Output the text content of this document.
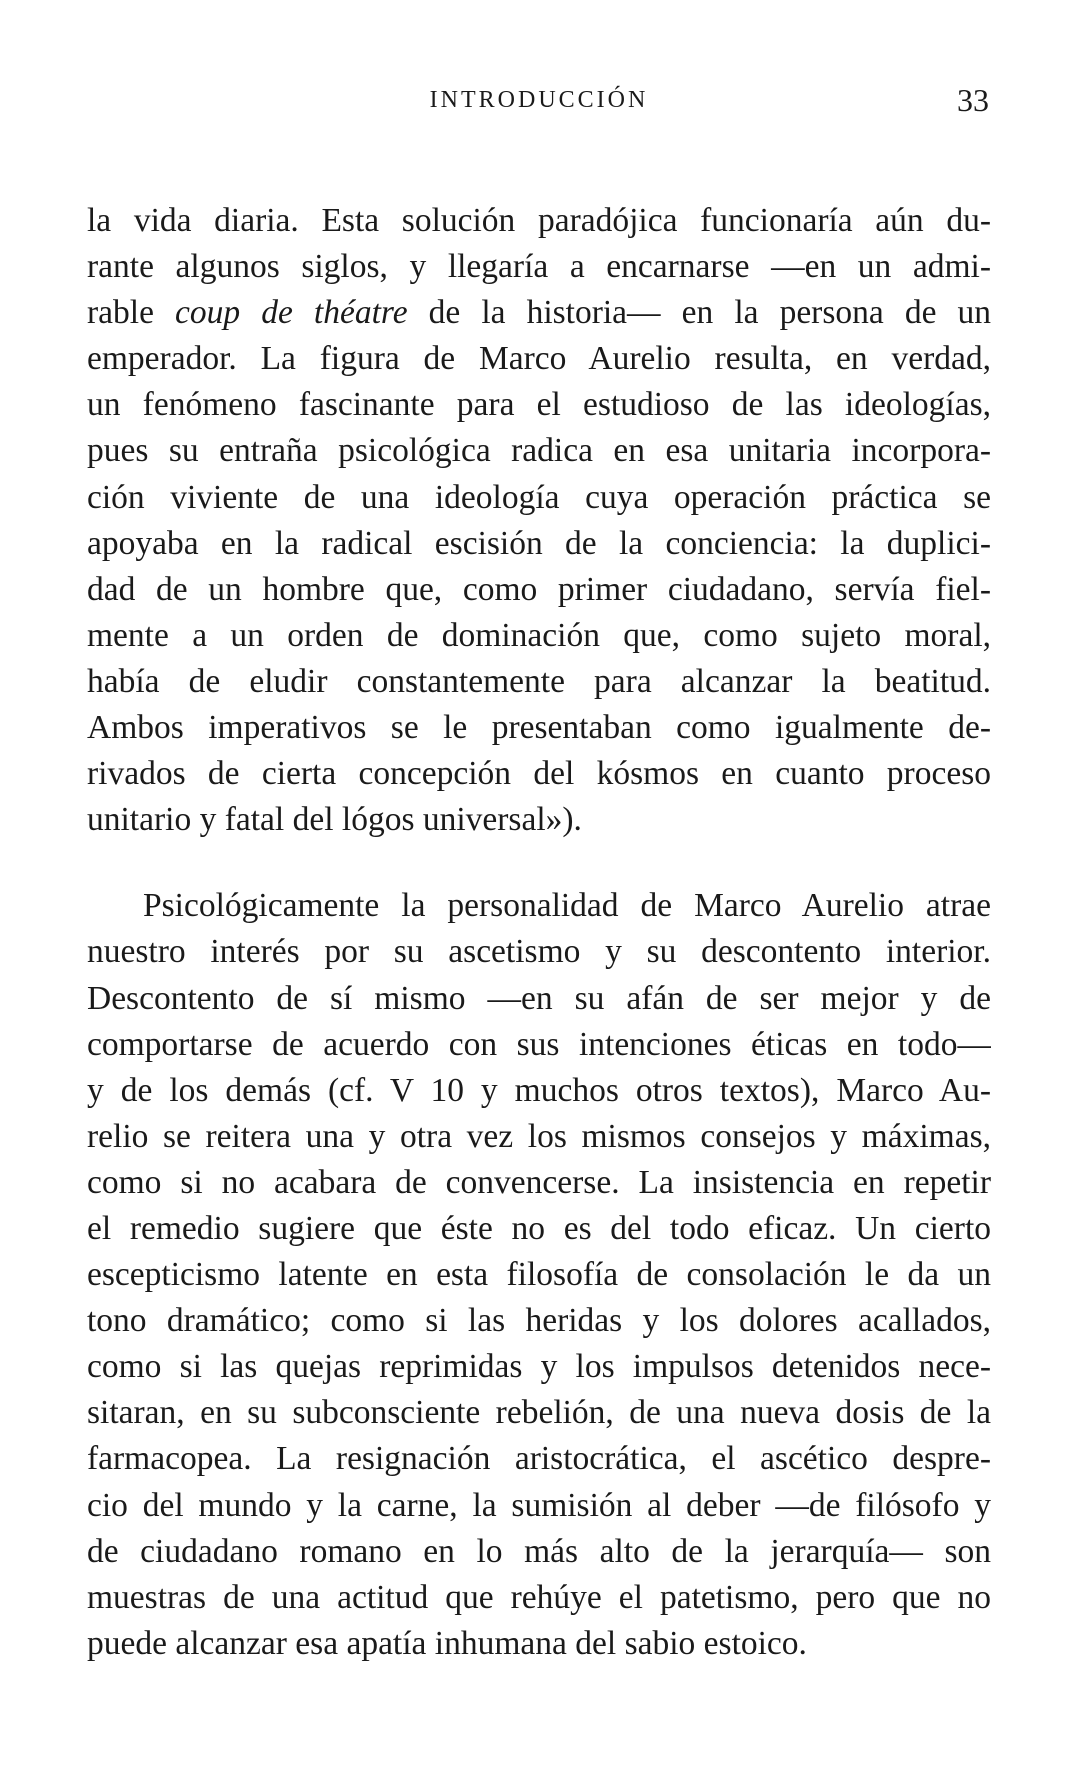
INTRODUCCIÓN	33
la vida diaria. Esta solución paradójica funcionaría aún du-
rante algunos siglos, y llegaría a encarnarse —en un admi-
rable coup de théatre de la historia— en la persona de un
emperador. La figura de Marco Aurelio resulta, en verdad,
un fenómeno fascinante para el estudioso de las ideologías,
pues su entraña psicológica radica en esa unitaria incorpora-
ción viviente de una ideología cuya operación práctica se
apoyaba en la radical escisión de la conciencia: la duplici-
dad de un hombre que, como primer ciudadano, servía fiel-
mente a un orden de dominación que, como sujeto moral,
había de eludir constantemente para alcanzar la beatitud.
Ambos imperativos se le presentaban como igualmente de-
rivados de cierta concepción del kósmos en cuanto proceso
unitario y fatal del lógos universal»).
Psicológicamente la personalidad de Marco Aurelio atrae
nuestro interés por su ascetismo y su descontento interior.
Descontento de sí mismo —en su afán de ser mejor y de
comportarse de acuerdo con sus intenciones éticas en todo—
y de los demás (cf. V 10 y muchos otros textos), Marco Au-
relio se reitera una y otra vez los mismos consejos y máximas,
como si no acabara de convencerse. La insistencia en repetir
el remedio sugiere que éste no es del todo eficaz. Un cierto
escepticismo latente en esta filosofía de consolación le da un
tono dramático; como si las heridas y los dolores acallados,
como si las quejas reprimidas y los impulsos detenidos nece-
sitaran, en su subconsciente rebelión, de una nueva dosis de la
farmacopea. La resignación aristocrática, el ascético despre-
cio del mundo y la carne, la sumisión al deber —de filósofo y
de ciudadano romano en lo más alto de la jerarquía— son
muestras de una actitud que rehúye el patetismo, pero que no
puede alcanzar esa apatía inhumana del sabio estoico.
